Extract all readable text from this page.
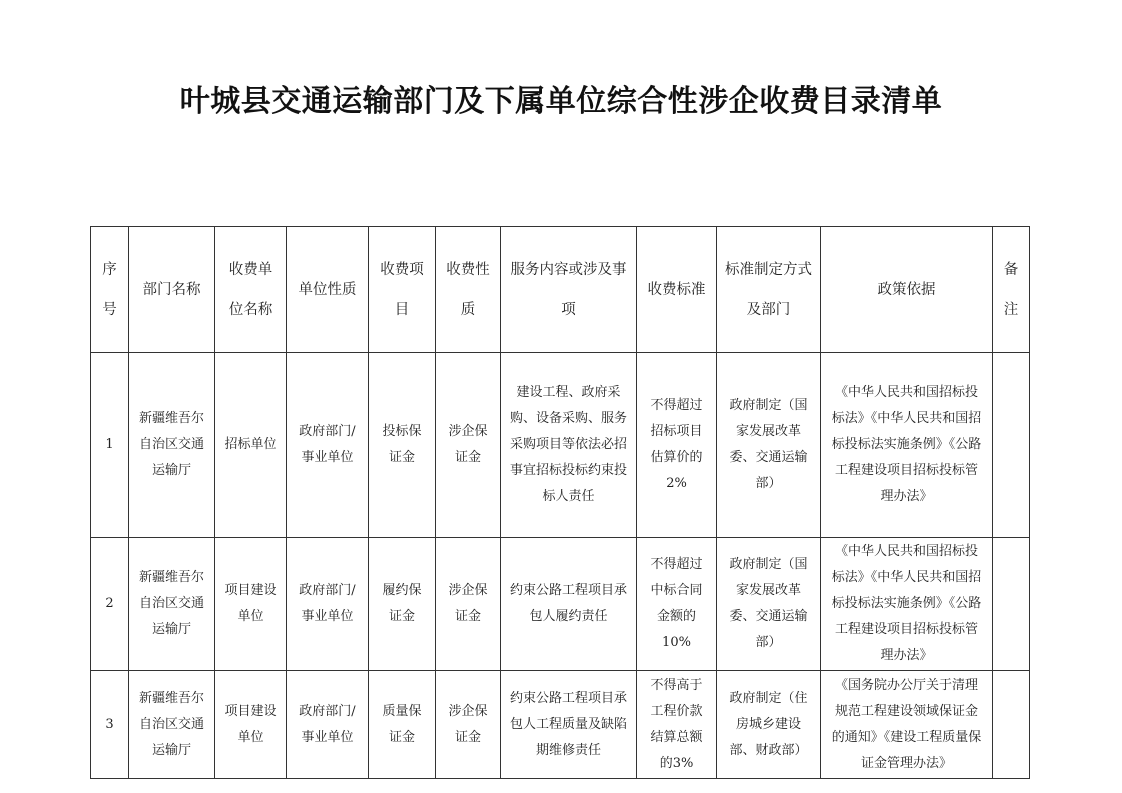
叶城县交通运输部门及下属单位综合性涉企收费目录清单
序号	部门名称	收费单位名称	单位性质	收费项目	收费性质	服务内容或涉及事项	收费标准	标准制定方式及部门	政策依据	备注
1	新疆维吾尔自治区交通运输厅	招标单位	政府部门/事业单位	投标保证金	涉企保证金	建设工程、政府采购、设备采购、服务采购项目等依法必招事宜招标投标约束投标人责任	不得超过招标项目估算价的2%	政府制定（国家发展改革委、交通运输部）	《中华人民共和国招标投标法》《中华人民共和国招标投标法实施条例》《公路工程建设项目招标投标管理办法》	
2	新疆维吾尔自治区交通运输厅	项目建设单位	政府部门/事业单位	履约保证金	涉企保证金	约束公路工程项目承包人履约责任	不得超过中标合同金额的10%	政府制定（国家发展改革委、交通运输部）	《中华人民共和国招标投标法》《中华人民共和国招标投标法实施条例》《公路工程建设项目招标投标管理办法》	
3	新疆维吾尔自治区交通运输厅	项目建设单位	政府部门/事业单位	质量保证金	涉企保证金	约束公路工程项目承包人工程质量及缺陷期维修责任	不得高于工程价款结算总额的3%	政府制定（住房城乡建设部、财政部）	《国务院办公厅关于清理规范工程建设领域保证金的通知》《建设工程质量保证金管理办法》	
